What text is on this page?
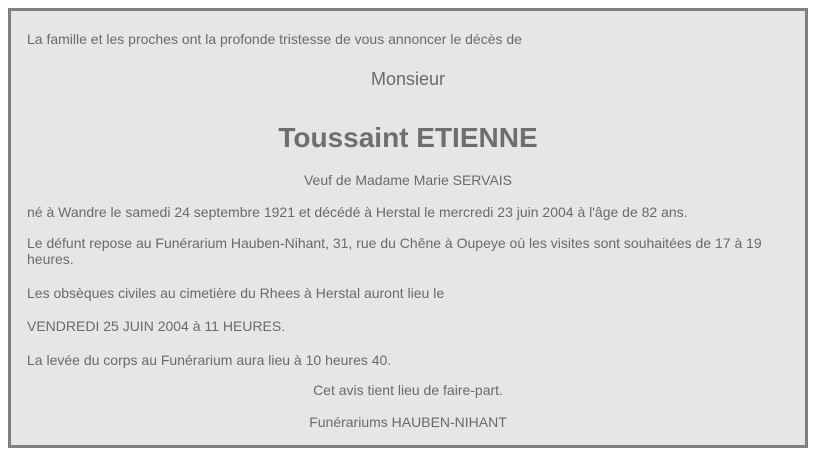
La famille et les proches ont la profonde tristesse de vous annoncer le décès de
Monsieur
Toussaint ETIENNE
Veuf de Madame Marie SERVAIS
né à Wandre le samedi 24 septembre 1921 et décédé à Herstal le mercredi 23 juin 2004 à l'âge de 82 ans.
Le défunt repose au Funérarium Hauben-Nihant, 31, rue du Chêne à Oupeye où les visites sont souhaitées de 17 à 19 heures.
Les obsèques civiles au cimetière du Rhees à Herstal auront lieu le
VENDREDI 25 JUIN 2004 à 11 HEURES.
La levée du corps au Funérarium aura lieu à 10 heures 40.
Cet avis tient lieu de faire-part.
Funérariums HAUBEN-NIHANT
